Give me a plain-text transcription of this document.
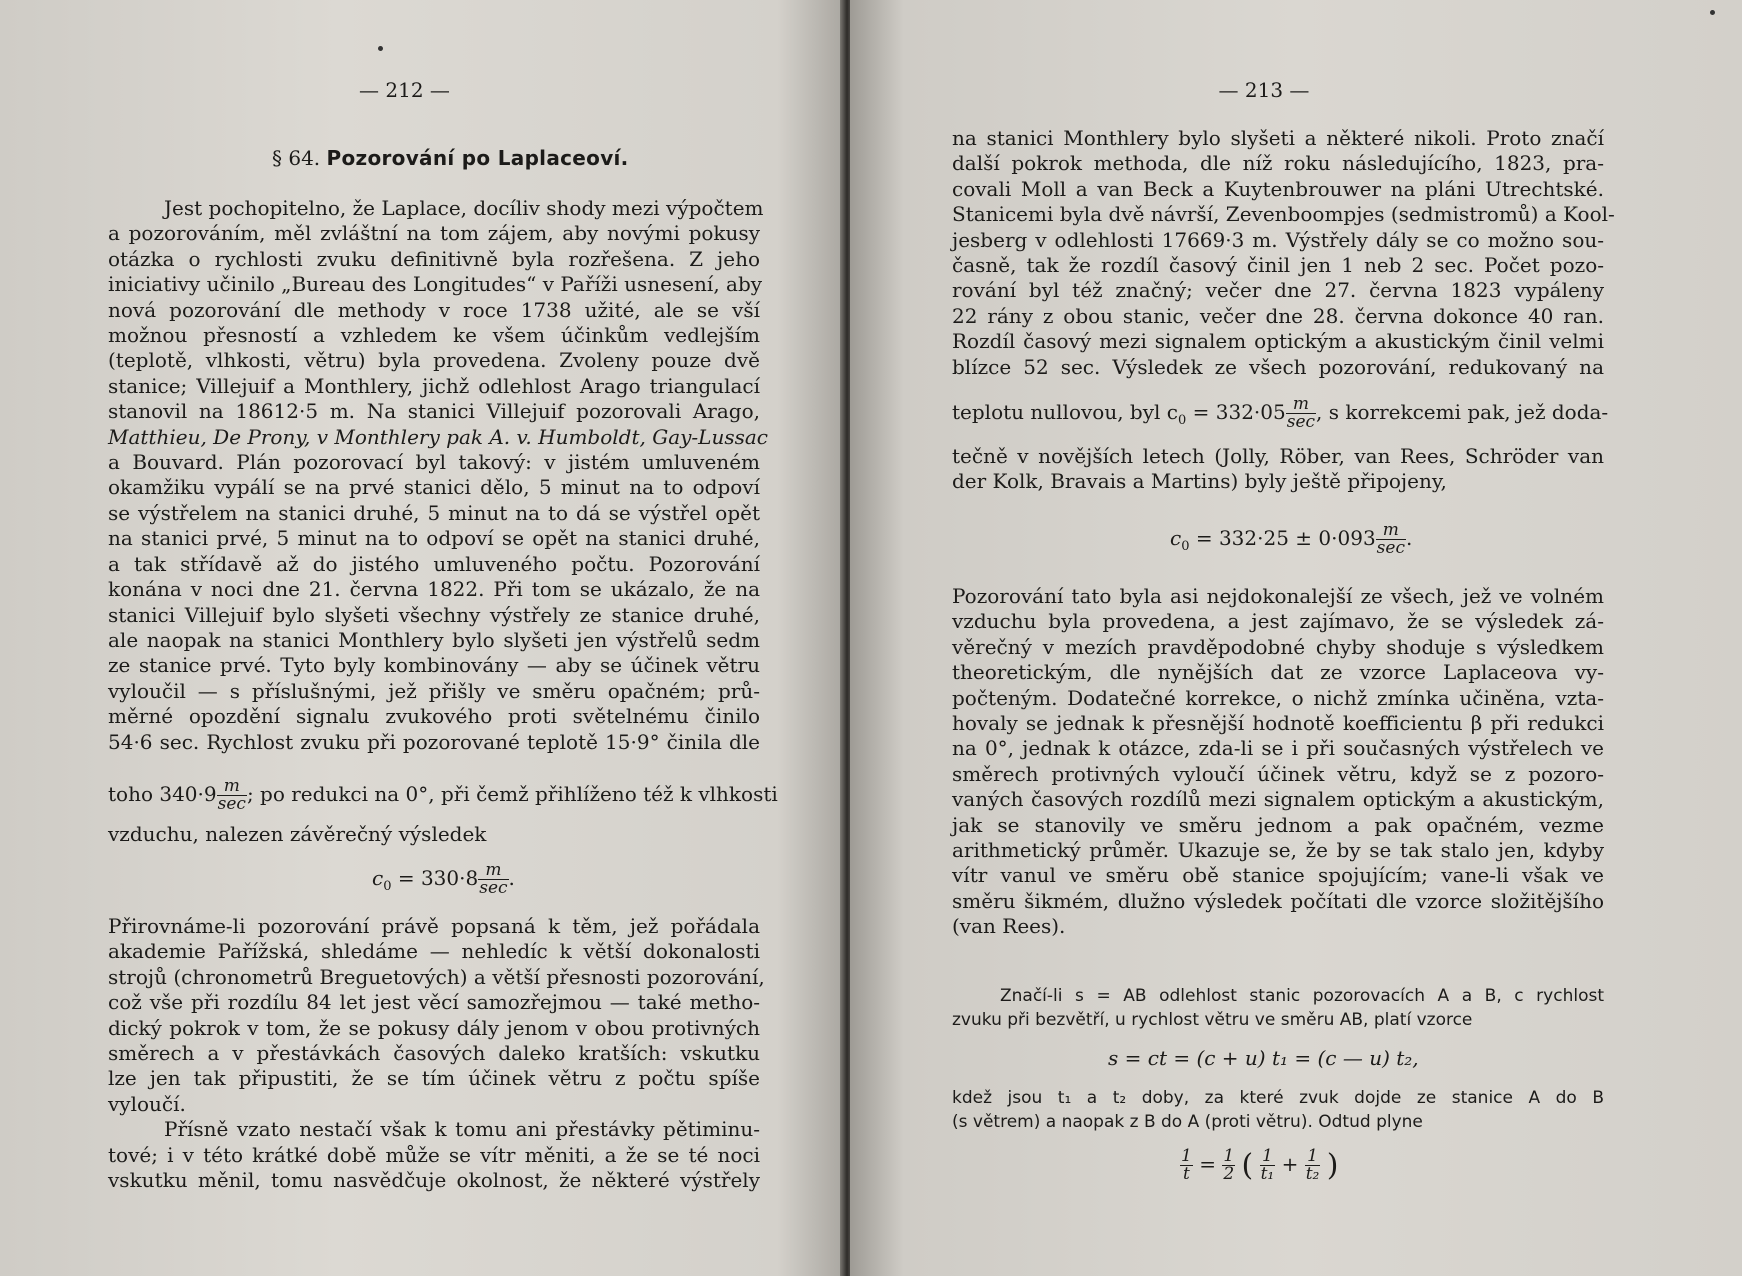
— 212 —
§ 64. Pozorování po Laplaceoví.
Jest pochopitelno, že Laplace, docíliv shody mezi výpočtem
a pozorováním, měl zvláštní na tom zájem, aby novými pokusy
otázka o rychlosti zvuku definitivně byla rozřešena. Z jeho
iniciativy učinilo „Bureau des Longitudes“ v Paříži usnesení, aby
nová pozorování dle methody v roce 1738 užité, ale se vší
možnou přesností a vzhledem ke všem účinkům vedlejším
(teplotě, vlhkosti, větru) byla provedena. Zvoleny pouze dvě
stanice; Villejuif a Monthlery, jichž odlehlost Arago triangulací
stanovil na 18612·5 m. Na stanici Villejuif pozorovali Arago,
Matthieu, De Prony, v Monthlery pak A. v. Humboldt, Gay-Lussac
a Bouvard. Plán pozorovací byl takový: v jistém umluveném
okamžiku vypálí se na prvé stanici dělo, 5 minut na to odpoví
se výstřelem na stanici druhé, 5 minut na to dá se výstřel opět
na stanici prvé, 5 minut na to odpoví se opět na stanici druhé,
a tak střídavě až do jistého umluveného počtu. Pozorování
konána v noci dne 21. června 1822. Při tom se ukázalo, že na
stanici Villejuif bylo slyšeti všechny výstřely ze stanice druhé,
ale naopak na stanici Monthlery bylo slyšeti jen výstřelů sedm
ze stanice prvé. Tyto byly kombinovány — aby se účinek větru
vyloučil — s příslušnými, jež přišly ve směru opačném; prů-
měrné opozdění signalu zvukového proti světelnému činilo
54·6 sec. Rychlost zvuku při pozorované teplotě 15·9° činila dle
toho $340\cdot 9 \frac{m}{\sec}$ ; po redukci na 0°, při čemž přihlíženo též k vlhkosti
vzduchu, nalezen závěrečný výsledek
$c_0 = 330\cdot 8 \frac{m}{\sec}$ .
Přirovnáme-li pozorování právě popsaná k těm, jež pořádala
akademie Pařížská, shledáme — nehledíc k větší dokonalosti
strojů (chronometrů Breguetových) a větší přesnosti pozorování,
což vše při rozdílu 84 let jest věcí samozřejmou — také metho-
dický pokrok v tom, že se pokusy dály jenom v obou protivných
směrech a v přestávkách časových daleko kratších: vskutku
lze jen tak připustiti, že se tím účinek větru z počtu spíše
vyloučí.
Přísně vzato nestačí však k tomu ani přestávky pětiminu-
tové; i v této krátké době může se vítr měniti, a že se té noci
vskutku měnil, tomu nasvědčuje okolnost, že některé výstřely
— 213 —
na stanici Monthlery bylo slyšeti a některé nikoli. Proto značí
další pokrok methoda, dle níž roku následujícího, 1823, pra-
covali Moll a van Beck a Kuytenbrouwer na pláni Utrechtské.
Stanicemi byla dvě návrší, Zevenboompjes (sedmistromů) a Kool-
jesberg v odlehlosti 17669·3 m. Výstřely dály se co možno sou-
časně, tak že rozdíl časový činil jen 1 neb 2 sec. Počet pozo-
rování byl též značný; večer dne 27. června 1823 vypáleny
22 rány z obou stanic, večer dne 28. června dokonce 40 ran.
Rozdíl časový mezi signalem optickým a akustickým činil velmi
blízce 52 sec. Výsledek ze všech pozorování, redukovaný na
teplotu nullovou, byl $c_0 = 332\cdot 05 \frac{m}{\sec}$ , s korrekcemi pak, jež doda-
tečně v novějších letech (Jolly, Röber, van Rees, Schröder van
der Kolk, Bravais a Martins) byly ještě připojeny,
$c_0 = 332\cdot 25 \pm 0\cdot 093 \frac{m}{\sec}$ .
Pozorování tato byla asi nejdokonalejší ze všech, jež ve volném
vzduchu byla provedena, a jest zajímavo, že se výsledek zá-
věrečný v mezích pravděpodobné chyby shoduje s výsledkem
theoretickým, dle nynějších dat ze vzorce Laplaceova vy-
počteným. Dodatečné korrekce, o nichž zmínka učiněna, vzta-
hovaly se jednak k přesnější hodnotě koefficientu β při redukci
na 0°, jednak k otázce, zda-li se i při současných výstřelech ve
směrech protivných vyloučí účinek větru, když se z pozoro-
vaných časových rozdílů mezi signalem optickým a akustickým,
jak se stanovily ve směru jednom a pak opačném, vezme
arithmetický průměr. Ukazuje se, že by se tak stalo jen, kdyby
vítr vanul ve směru obě stanice spojujícím; vane-li však ve
směru šikmém, dlužno výsledek počítati dle vzorce složitějšího
(van Rees).
Značí-li s = AB odlehlost stanic pozorovacích A a B, c rychlost
zvuku při bezvětří, u rychlost větru ve směru AB, platí vzorce
s = ct = (c + u) t₁ = (c — u) t₂,
kdež jsou t₁ a t₂ doby, za které zvuk dojde ze stanice A do B
(s větrem) a naopak z B do A (proti větru). Odtud plyne
$\frac{1}{t} = \frac{1}{2}$ ( $\frac{1}{\text{t₁}} + \frac{1}{\text{t₂}}$ )
